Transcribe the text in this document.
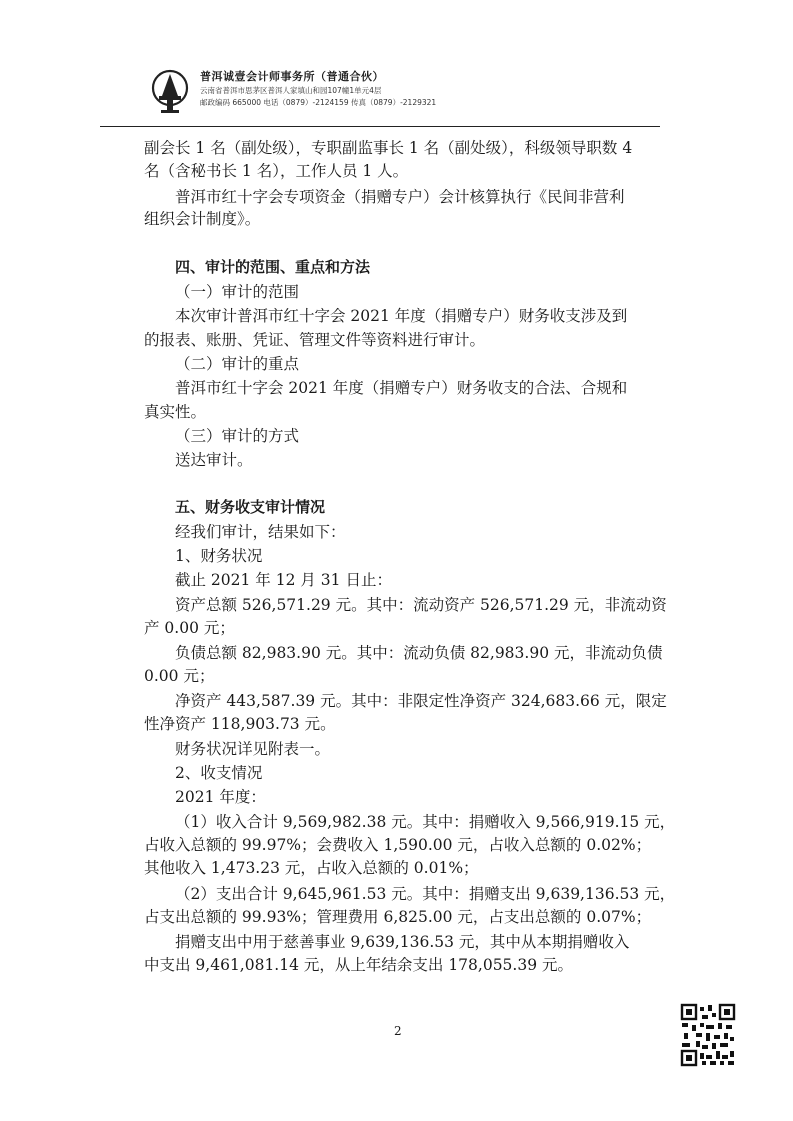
普洱诚壹会计师事务所（普通合伙）
云南省普洱市思茅区普洱人家填山和园107幢1单元4层
邮政编码 665000 电话（0879）-2124159 传真（0879）-2129321
副会长 1 名（副处级），专职副监事长 1 名（副处级），科级领导职数 4
名（含秘书长 1 名），工作人员 1 人。
普洱市红十字会专项资金（捐赠专户）会计核算执行《民间非营利
组织会计制度》。
四、审计的范围、重点和方法
（一）审计的范围
本次审计普洱市红十字会 2021 年度（捐赠专户）财务收支涉及到
的报表、账册、凭证、管理文件等资料进行审计。
（二）审计的重点
普洱市红十字会 2021 年度（捐赠专户）财务收支的合法、合规和
真实性。
（三）审计的方式
送达审计。
五、财务收支审计情况
经我们审计，结果如下：
1、财务状况
截止 2021 年 12 月 31 日止：
资产总额 526,571.29 元。其中：流动资产 526,571.29 元，非流动资
产 0.00 元；
负债总额 82,983.90 元。其中：流动负债 82,983.90 元，非流动负债
0.00 元；
净资产 443,587.39 元。其中：非限定性净资产 324,683.66 元，限定
性净资产 118,903.73 元。
财务状况详见附表一。
2、收支情况
2021 年度：
（1）收入合计 9,569,982.38 元。其中：捐赠收入 9,566,919.15 元，
占收入总额的 99.97%；会费收入 1,590.00 元，占收入总额的 0.02%；
其他收入 1,473.23 元，占收入总额的 0.01%；
（2）支出合计 9,645,961.53 元。其中：捐赠支出 9,639,136.53 元，
占支出总额的 99.93%；管理费用 6,825.00 元，占支出总额的 0.07%；
捐赠支出中用于慈善事业 9,639,136.53 元，其中从本期捐赠收入
中支出 9,461,081.14 元，从上年结余支出 178,055.39 元。
2
